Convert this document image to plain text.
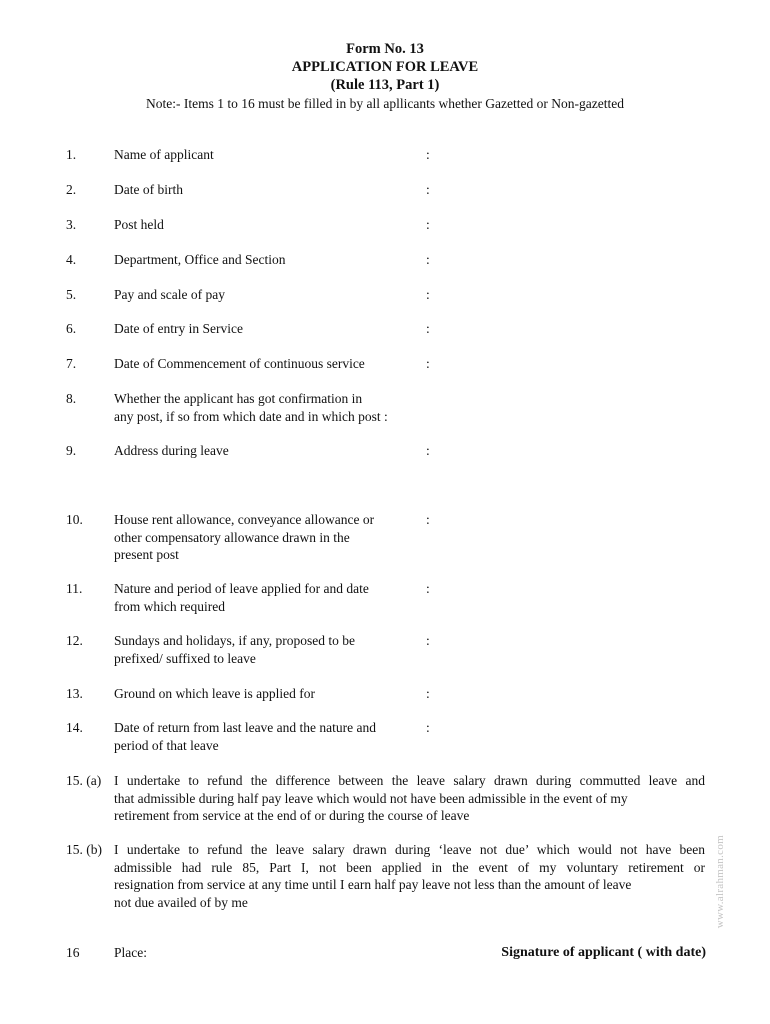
Form No. 13
APPLICATION FOR LEAVE
(Rule 113, Part 1)
Note:- Items 1 to 16 must be filled in by all apllicants whether Gazetted or Non-gazetted
1.	Name of applicant	:
2.	Date of birth	:
3.	Post held	:
4.	Department, Office and Section	:
5.	Pay and scale of pay	:
6.	Date of entry in Service	:
7.	Date of Commencement of continuous service	:
8.	Whether the applicant has got confirmation in
any post, if so from which date and in which post :
9.	Address during leave	:
10. House rent allowance, conveyance allowance or
other compensatory allowance drawn in the
present post
:
11. Nature and period of leave applied for and date
from which required
:
12. Sundays and holidays, if any, proposed to be
prefixed/ suffixed to leave
:
13. Ground on which leave is applied for	:
14. Date of return from last leave and the nature and
period of that leave
:
15. (a) I undertake to refund the difference between the leave salary drawn during commutted leave and
that admissible during half pay leave which would not have been admissible in the event of my
retirement from service at the end of or during the course of leave
15. (b) I undertake to refund the leave salary drawn during ‘leave not due’ which would not have been
admissible had rule 85, Part I, not been applied in the event of my voluntary retirement or
resignation from service at any time until I earn half pay leave not less than the amount of leave
not due availed of by me
16	Place:	Signature of applicant ( with date)
www.alrahman.com
